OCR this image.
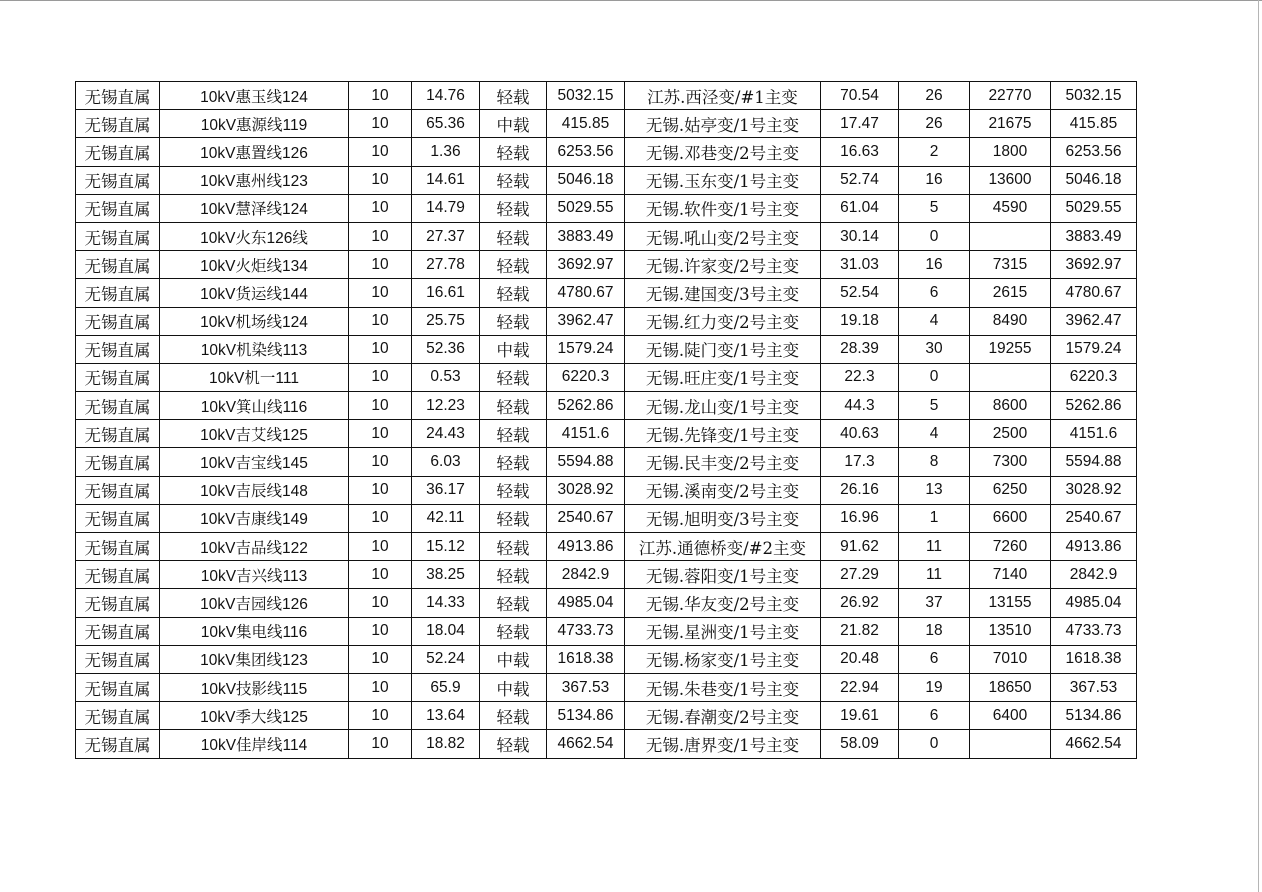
无锡直属	10kV惠玉线124	10	14.76	轻载	5032.15	江苏.西泾变/#1主变	70.54	26	22770	5032.15
无锡直属	10kV惠源线119	10	65.36	中载	415.85	无锡.姑亭变/1号主变	17.47	26	21675	415.85
无锡直属	10kV惠置线126	10	1.36	轻载	6253.56	无锡.邓巷变/2号主变	16.63	2	1800	6253.56
无锡直属	10kV惠州线123	10	14.61	轻载	5046.18	无锡.玉东变/1号主变	52.74	16	13600	5046.18
无锡直属	10kV慧泽线124	10	14.79	轻载	5029.55	无锡.软件变/1号主变	61.04	5	4590	5029.55
无锡直属	10kV火东126线	10	27.37	轻载	3883.49	无锡.吼山变/2号主变	30.14	0		3883.49
无锡直属	10kV火炬线134	10	27.78	轻载	3692.97	无锡.许家变/2号主变	31.03	16	7315	3692.97
无锡直属	10kV货运线144	10	16.61	轻载	4780.67	无锡.建国变/3号主变	52.54	6	2615	4780.67
无锡直属	10kV机场线124	10	25.75	轻载	3962.47	无锡.红力变/2号主变	19.18	4	8490	3962.47
无锡直属	10kV机染线113	10	52.36	中载	1579.24	无锡.陡门变/1号主变	28.39	30	19255	1579.24
无锡直属	10kV机一111	10	0.53	轻载	6220.3	无锡.旺庄变/1号主变	22.3	0		6220.3
无锡直属	10kV箕山线116	10	12.23	轻载	5262.86	无锡.龙山变/1号主变	44.3	5	8600	5262.86
无锡直属	10kV吉艾线125	10	24.43	轻载	4151.6	无锡.先锋变/1号主变	40.63	4	2500	4151.6
无锡直属	10kV吉宝线145	10	6.03	轻载	5594.88	无锡.民丰变/2号主变	17.3	8	7300	5594.88
无锡直属	10kV吉辰线148	10	36.17	轻载	3028.92	无锡.溪南变/2号主变	26.16	13	6250	3028.92
无锡直属	10kV吉康线149	10	42.11	轻载	2540.67	无锡.旭明变/3号主变	16.96	1	6600	2540.67
无锡直属	10kV吉品线122	10	15.12	轻载	4913.86	江苏.通德桥变/#2主变	91.62	11	7260	4913.86
无锡直属	10kV吉兴线113	10	38.25	轻载	2842.9	无锡.蓉阳变/1号主变	27.29	11	7140	2842.9
无锡直属	10kV吉园线126	10	14.33	轻载	4985.04	无锡.华友变/2号主变	26.92	37	13155	4985.04
无锡直属	10kV集电线116	10	18.04	轻载	4733.73	无锡.星洲变/1号主变	21.82	18	13510	4733.73
无锡直属	10kV集团线123	10	52.24	中载	1618.38	无锡.杨家变/1号主变	20.48	6	7010	1618.38
无锡直属	10kV技影线115	10	65.9	中载	367.53	无锡.朱巷变/1号主变	22.94	19	18650	367.53
无锡直属	10kV季大线125	10	13.64	轻载	5134.86	无锡.春潮变/2号主变	19.61	6	6400	5134.86
无锡直属	10kV佳岸线114	10	18.82	轻载	4662.54	无锡.唐界变/1号主变	58.09	0		4662.54
